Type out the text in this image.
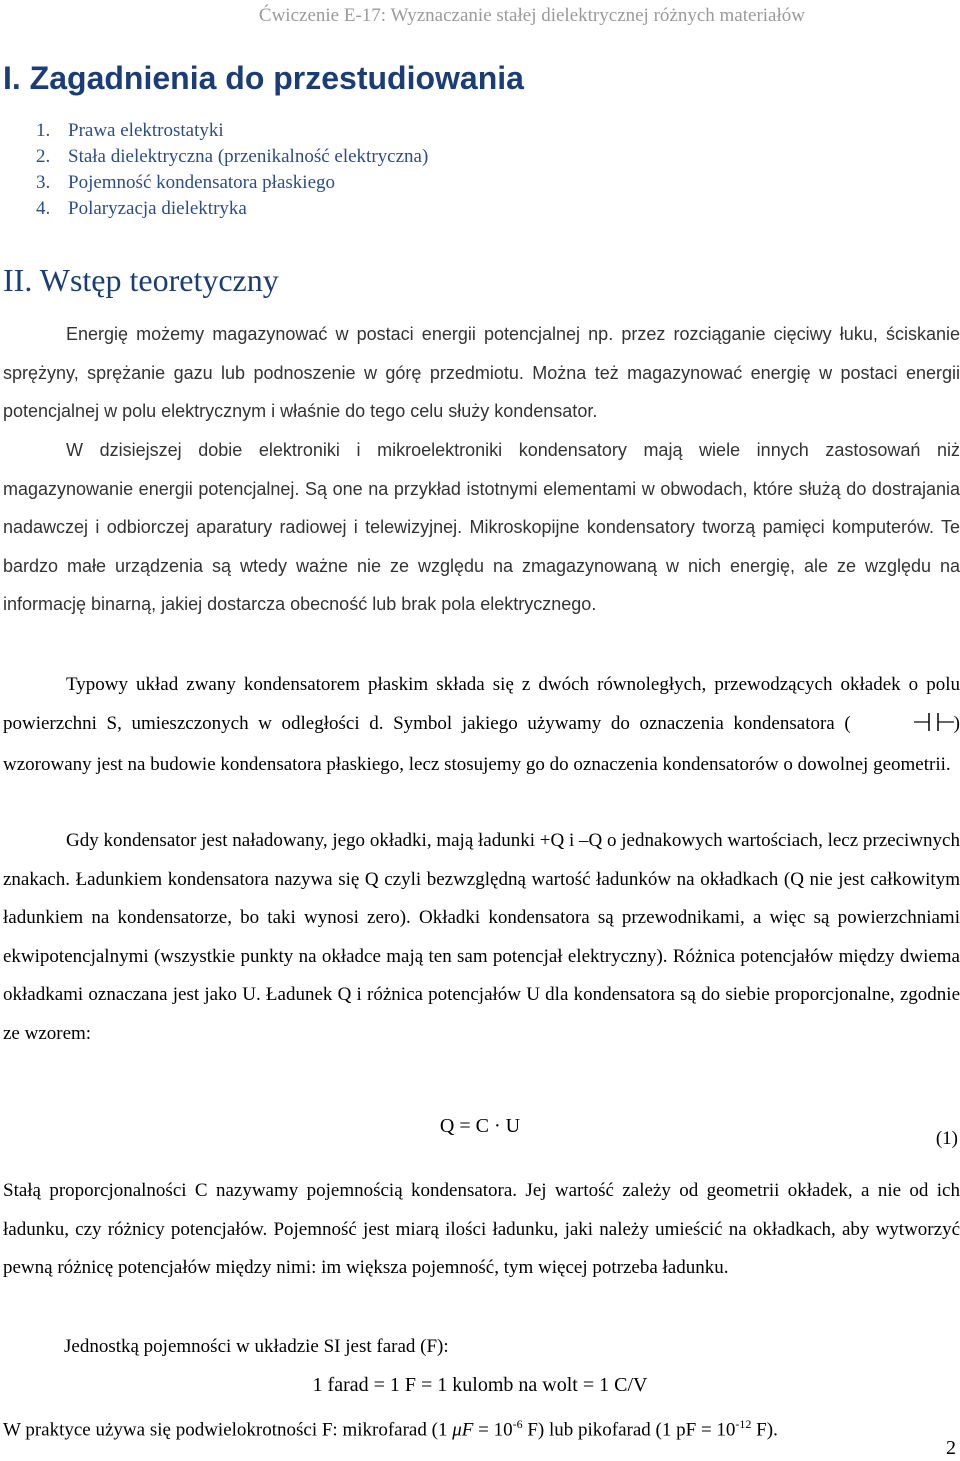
Ćwiczenie E-17: Wyznaczanie stałej dielektrycznej różnych materiałów
I. Zagadnienia do przestudiowania
1. Prawa elektrostatyki
2. Stała dielektryczna (przenikalność elektryczna)
3. Pojemność kondensatora płaskiego
4. Polaryzacja dielektryka
II. Wstęp teoretyczny

Energię możemy magazynować w postaci energii potencjalnej np. przez rozciąganie cięciwy łuku, ściskanie sprężyny, sprężanie gazu lub podnoszenie w górę przedmiotu. Można też magazynować energię w postaci energii potencjalnej w polu elektrycznym i właśnie do tego celu służy kondensator.

W dzisiejszej dobie elektroniki i mikroelektroniki kondensatory mają wiele innych zastosowań niż magazynowanie energii potencjalnej. Są one na przykład istotnymi elementami w obwodach, które służą do dostrajania nadawczej i odbiorczej aparatury radiowej i telewizyjnej. Mikroskopijne kondensatory tworzą pamięci komputerów. Te bardzo małe urządzenia są wtedy ważne nie ze względu na zmagazynowaną w nich energię, ale ze względu na informację binarną, jakiej dostarcza obecność lub brak pola elektrycznego.

Typowy układ zwany kondensatorem płaskim składa się z dwóch równoległych, przewodzących okładek o polu powierzchni S, umieszczonych w odległości d. Symbol jakiego używamy do oznaczenia kondensatora (	) wzorowany jest na budowie kondensatora płaskiego, lecz stosujemy go do oznaczenia kondensatorów o dowolnej geometrii.

Gdy kondensator jest naładowany, jego okładki, mają ładunki +Q i –Q o jednakowych wartościach, lecz przeciwnych znakach. Ładunkiem kondensatora nazywa się Q czyli bezwzględną wartość ładunków na okładkach (Q nie jest całkowitym ładunkiem na kondensatorze, bo taki wynosi zero). Okładki kondensatora są przewodnikami, a więc są powierzchniami ekwipotencjalnymi (wszystkie punkty na okładce mają ten sam potencjał elektryczny). Różnica potencjałów między dwiema okładkami oznaczana jest jako U. Ładunek Q i różnica potencjałów U dla kondensatora są do siebie proporcjonalne, zgodnie ze wzorem:

Q = C · U
(1)

Stałą proporcjonalności C nazywamy pojemnością kondensatora. Jej wartość zależy od geometrii okładek, a nie od ich ładunku, czy różnicy potencjałów. Pojemność jest miarą ilości ładunku, jaki należy umieścić na okładkach, aby wytworzyć pewną różnicę potencjałów między nimi: im większa pojemność, tym więcej potrzeba ładunku.

Jednostką pojemności w układzie SI jest farad (F):

1 farad = 1 F = 1 kulomb na wolt = 1 C/V

W praktyce używa się podwielokrotności F: mikrofarad (1 $\mu F = 10^{-6}$ F) lub pikofarad (1 pF = $10^{-12}$ F).

2
